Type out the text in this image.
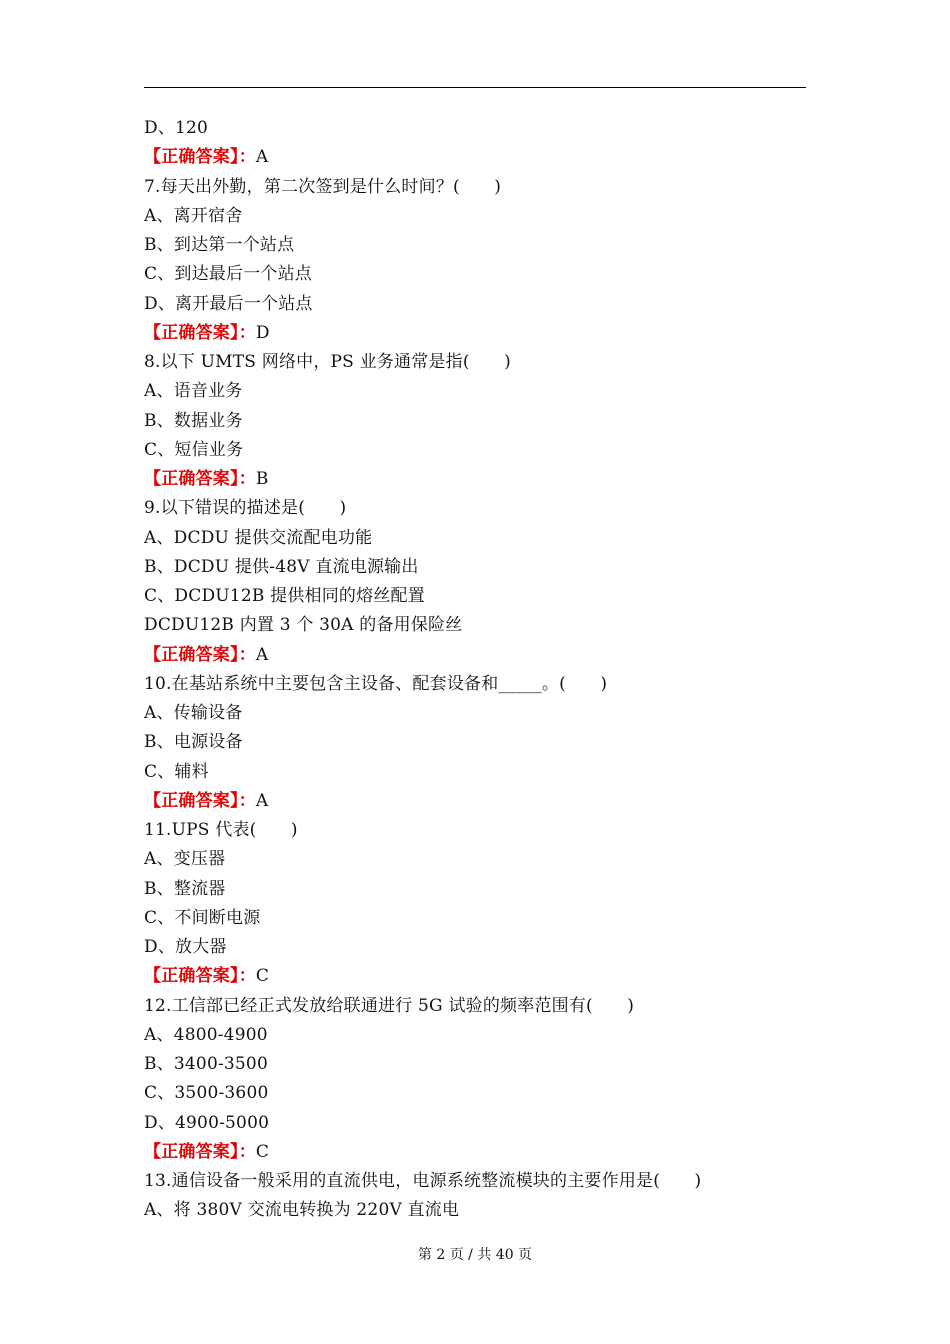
D、120
【正确答案】：A
7.每天出外勤，第二次签到是什么时间？(　　)
A、离开宿舍
B、到达第一个站点
C、到达最后一个站点
D、离开最后一个站点
【正确答案】：D
8.以下 UMTS 网络中，PS 业务通常是指(　　)
A、语音业务
B、数据业务
C、短信业务
【正确答案】：B
9.以下错误的描述是(　　)
A、DCDU 提供交流配电功能
B、DCDU 提供-48V 直流电源输出
C、DCDU12B 提供相同的熔丝配置
DCDU12B 内置 3 个 30A 的备用保险丝
【正确答案】：A
10.在基站系统中主要包含主设备、配套设备和_____。(　　)
A、传输设备
B、电源设备
C、辅料
【正确答案】：A
11.UPS 代表(　　)
A、变压器
B、整流器
C、不间断电源
D、放大器
【正确答案】：C
12.工信部已经正式发放给联通进行 5G 试验的频率范围有(　　)
A、4800-4900
B、3400-3500
C、3500-3600
D、4900-5000
【正确答案】：C
13.通信设备一般采用的直流供电，电源系统整流模块的主要作用是(　　)
A、将 380V 交流电转换为 220V 直流电
第 2 页 / 共 40 页
